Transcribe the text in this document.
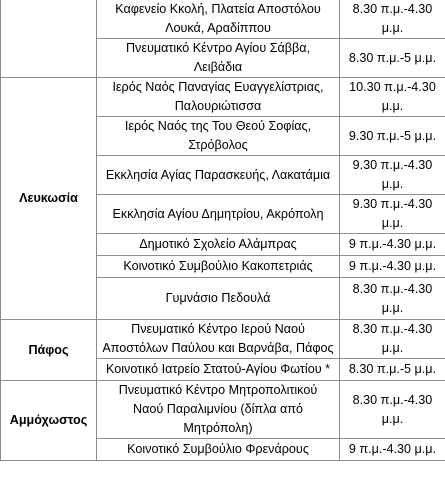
	Καφενείο Κκολή, Πλατεία Αποστόλου Λουκά, Αραδίππου	8.30 π.μ.-4.30 μ.μ.
	Πνευματικό Κέντρο Αγίου Σάββα, Λειβάδια	8.30 π.μ.-5 μ.μ.
Λευκωσία	Ιερός Ναός Παναγίας Ευαγγελίστριας, Παλουριώτισσα	10.30 π.μ.-4.30 μ.μ.
	Ιερός Ναός της Του Θεού Σοφίας, Στρόβολος	9.30 π.μ.-5 μ.μ.
	Εκκλησία Αγίας Παρασκευής, Λακατάμια	9.30 π.μ.-4.30 μ.μ.
	Εκκλησία Αγίου Δημητρίου, Ακρόπολη	9.30 π.μ.-4.30 μ.μ.
	Δημοτικό Σχολείο Αλάμπρας	9 π.μ.-4.30 μ.μ.
	Κοινοτικό Συμβούλιο Κακοπετριάς	9 π.μ.-4.30 μ.μ.
	Γυμνάσιο Πεδουλά	8.30 π.μ.-4.30 μ.μ.
Πάφος	Πνευματικό Κέντρο Ιερού Ναού Αποστόλων Παύλου και Βαρνάβα, Πάφος	8.30 π.μ.-4.30 μ.μ.
	Κοινοτικό Ιατρείο Στατού-Αγίου Φωτίου *	8.30 π.μ.-5 μ.μ.
Αμμόχωστος	Πνευματικό Κέντρο Μητροπολιτικού Ναού Παραλιμνίου (δίπλα από Μητρόπολη)	8.30 π.μ.-4.30 μ.μ.
	Κοινοτικό Συμβούλιο Φρενάρους	9 π.μ.-4.30 μ.μ.
